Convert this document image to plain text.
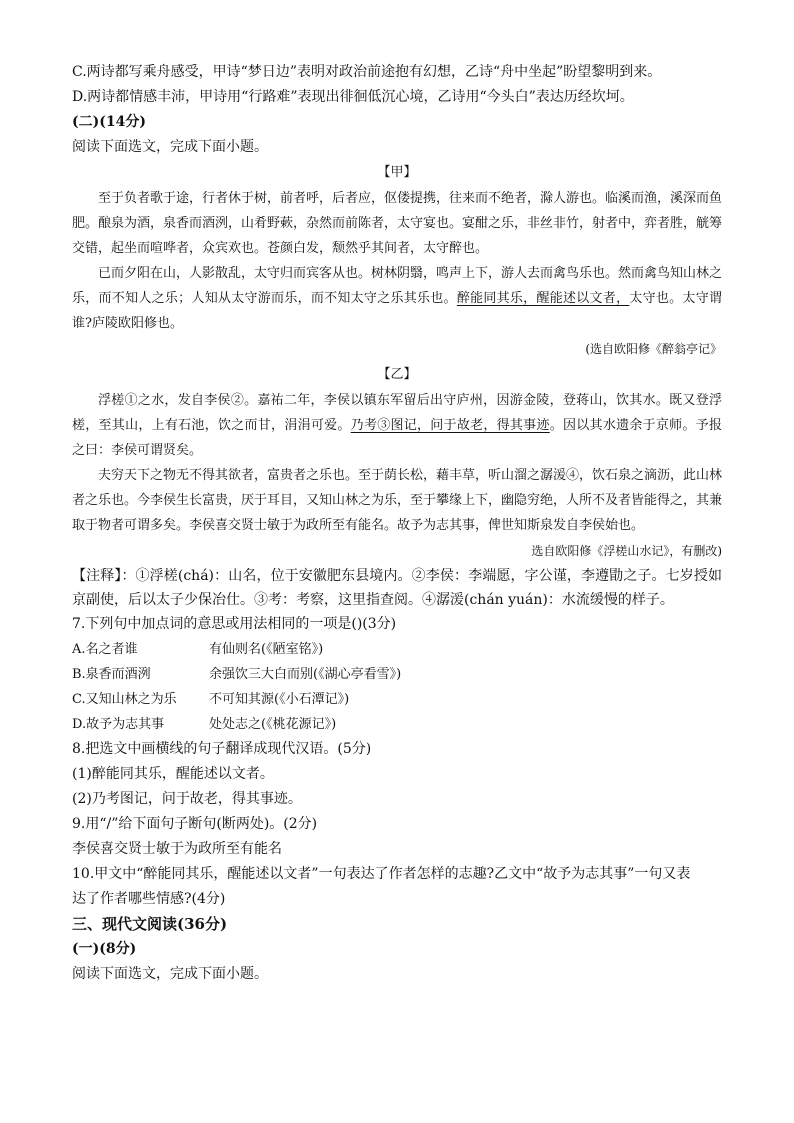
C.两诗都写乘舟感受，甲诗“梦日边”表明对政治前途抱有幻想，乙诗“舟中坐起”盼望黎明到来。
D.两诗都情感丰沛，甲诗用“行路难”表现出徘徊低沉心境，乙诗用“今头白”表达历经坎坷。
(二)(14分)
阅读下面选文，完成下面小题。
【甲】
至于负者歌于途，行者休于树，前者呼，后者应，伛偻提携，往来而不绝者，滁人游也。临溪而渔，溪深而鱼肥。酿泉为酒，泉香而酒洌，山肴野蔌，杂然而前陈者，太守宴也。宴酣之乐，非丝非竹，射者中，弈者胜，觥筹交错，起坐而喧哗者，众宾欢也。苍颜白发，颓然乎其间者，太守醉也。
已而夕阳在山，人影散乱，太守归而宾客从也。树林阴翳，鸣声上下，游人去而禽鸟乐也。然而禽鸟知山林之乐，而不知人之乐；人知从太守游而乐，而不知太守之乐其乐也。醉能同其乐，醒能述以文者，太守也。太守谓谁?庐陵欧阳修也。
(选自欧阳修《醉翁亭记》
【乙】
浮槎①之水，发自李侯②。嘉祐二年，李侯以镇东军留后出守庐州，因游金陵，登蒋山，饮其水。既又登浮槎，至其山，上有石池，饮之而甘，涓涓可爱。乃考③图记，问于故老，得其事迹。因以其水遗余于京师。予报之曰：李侯可谓贤矣。
夫穷天下之物无不得其欲者，富贵者之乐也。至于荫长松，藉丰草，听山溜之潺湲④，饮石泉之滴沥，此山林者之乐也。今李侯生长富贵，厌于耳目，又知山林之为乐，至于攀缘上下，幽隐穷绝，人所不及者皆能得之，其兼取于物者可谓多矣。李侯喜交贤士敏于为政所至有能名。故予为志其事，俾世知斯泉发自李侯始也。
选自欧阳修《浮槎山水记》，有删改)
【注释】：①浮槎(chá)：山名，位于安徽肥东县境内。②李侯：李端愿，字公谨，李遵勖之子。七岁授如京副使，后以太子少保冶仕。③考：考察，这里指查阅。④潺湲(chán yuán)：水流缓慢的样子。
7.下列句中加点词的意思或用法相同的一项是()(3分)
A.名之者谁	有仙则名(《陋室铭》)
B.泉香而酒洌	余强饮三大白而别(《湖心亭看雪》)
C.又知山林之为乐 不可知其源(《小石潭记》)
D.故予为志其事	处处志之(《桃花源记》)
8.把选文中画横线的句子翻译成现代汉语。(5分)
(1)醉能同其乐，醒能述以文者。
(2)乃考图记，问于故老，得其事迹。
9.用“/”给下面句子断句(断两处)。(2分)
李侯喜交贤士敏于为政所至有能名
10.甲文中“醉能同其乐，醒能述以文者”一句表达了作者怎样的志趣?乙文中“故予为志其事”一句又表
达了作者哪些情感?(4分)
三、现代文阅读(36分)
(一)(8分)
阅读下面选文，完成下面小题。
